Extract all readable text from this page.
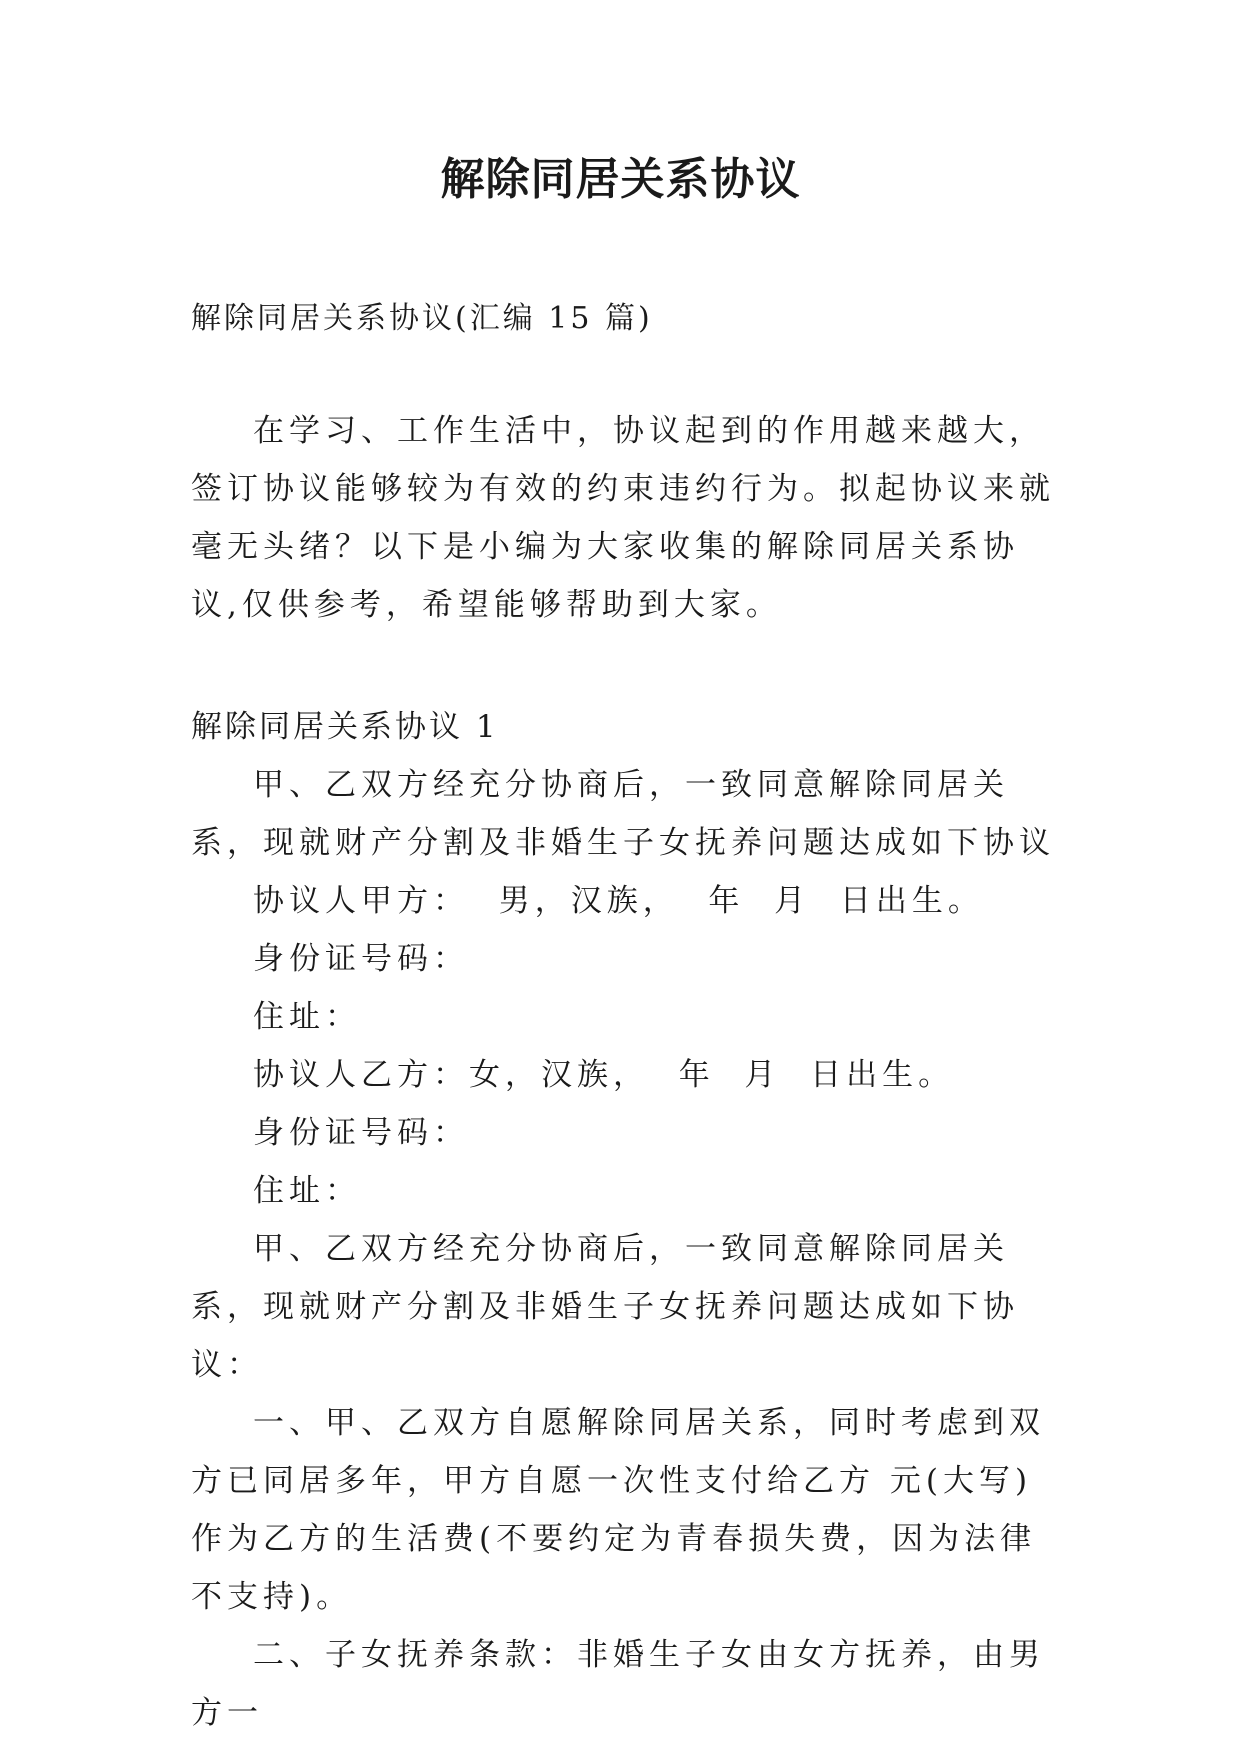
解除同居关系协议

解除同居关系协议(汇编 15 篇)

在学习、工作生活中，协议起到的作用越来越大，签订协议能够较为有效的约束违约行为。拟起协议来就毫无头绪？以下是小编为大家收集的解除同居关系协议,仅供参考，希望能够帮助到大家。

解除同居关系协议 1

甲、乙双方经充分协商后，一致同意解除同居关系，现就财产分割及非婚生子女抚养问题达成如下协议

协议人甲方：  男，汉族，  年  月  日出生。

身份证号码：

住址：

协议人乙方：女，汉族，  年  月  日出生。

身份证号码：

住址：

甲、乙双方经充分协商后，一致同意解除同居关系，现就财产分割及非婚生子女抚养问题达成如下协议：

一、甲、乙双方自愿解除同居关系，同时考虑到双方已同居多年，甲方自愿一次性支付给乙方 元(大写)作为乙方的生活费(不要约定为青春损失费，因为法律不支持)。

二、子女抚养条款：非婚生子女由女方抚养，由男方一
